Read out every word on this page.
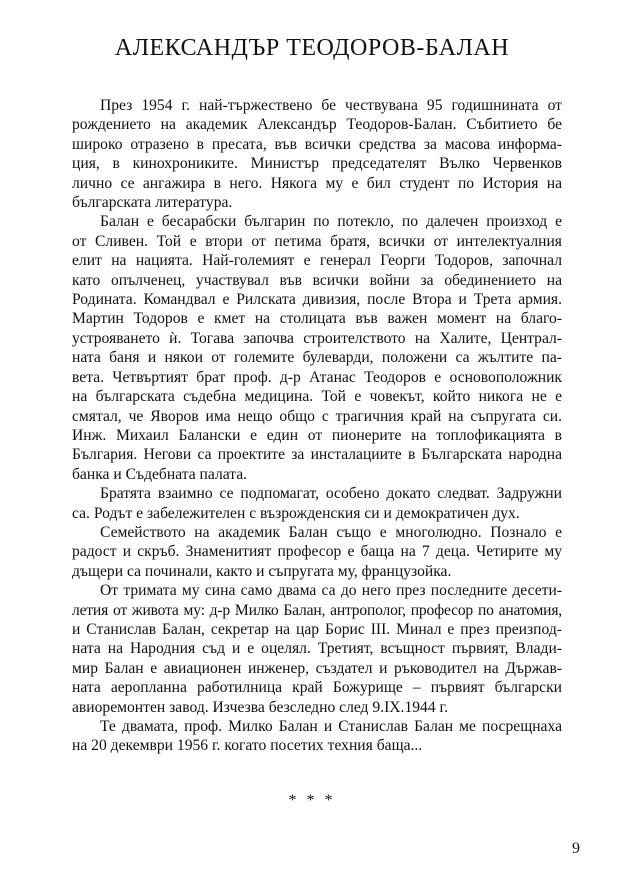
АЛЕКСАНДЪР ТЕОДОРОВ-БАЛАН

През 1954 г. най-тържествено бе чествувана 95 годишнината от
рождението на академик Александър Теодоров-Балан. Събитието бе
широко отразено в пресата, във всички средства за масова информа-
ция, в кинохрониките. Министър председателят Вълко Червенков
лично се ангажира в него. Някога му е бил студент по История на
българската литература.

Балан е бесарабски българин по потекло, по далечен произход е
от Сливен. Той е втори от петима братя, всички от интелектуалния
елит на нацията. Най-големият е генерал Георги Тодоров, започнал
като опълченец, участвувал във всички войни за обединението на
Родината. Командвал е Рилската дивизия, после Втора и Трета армия.
Мартин Тодоров е кмет на столицата във важен момент на благо-
устрояването ѝ. Тогава започва строителството на Халите, Централ-
ната баня и някои от големите булеварди, положени са жълтите па-
вета. Четвъртият брат проф. д-р Атанас Теодоров е основоположник
на българската съдебна медицина. Той е човекът, който никога не е
смятал, че Яворов има нещо общо с трагичния край на съпругата си.
Инж. Михаил Балански е един от пионерите на топлофикацията в
България. Негови са проектите за инсталациите в Българската народна
банка и Съдебната палата.

Братята взаимно се подпомагат, особено докато следват. Задружни
са. Родът е забележителен с възрожденския си и демократичен дух.

Семейството на академик Балан също е многолюдно. Познало е
радост и скръб. Знаменитият професор е баща на 7 деца. Четирите му
дъщери са починали, както и съпругата му, французойка.

От тримата му сина само двама са до него през последните десети-
летия от живота му: д-р Милко Балан, антрополог, професор по анатомия,
и Станислав Балан, секретар на цар Борис III. Минал е през преизпод-
ната на Народния съд и е оцелял. Третият, всъщност първият, Влади-
мир Балан е авиационен инженер, създател и ръководител на Държав-
ната аеропланна работилница край Божурище – първият български
авиоремонтен завод. Изчезва безследно след 9.IX.1944 г.

Те двамата, проф. Милко Балан и Станислав Балан ме посрещнаха
на 20 декември 1956 г. когато посетих техния баща...

* * *
9
